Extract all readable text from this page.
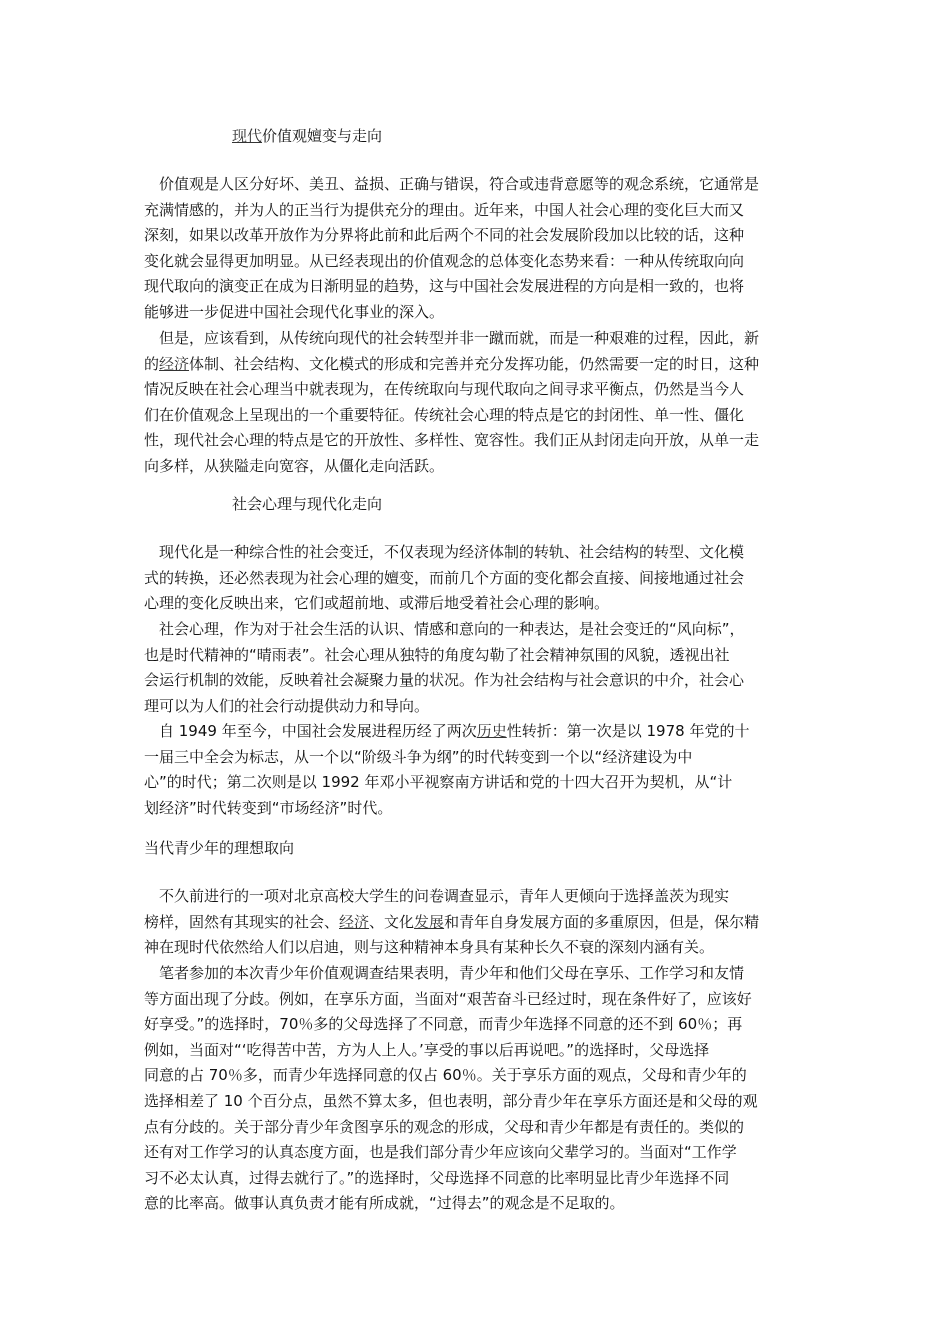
现代价值观嬗变与走向
　价值观是人区分好坏、美丑、益损、正确与错误，符合或违背意愿等的观念系统，它通常是
充满情感的，并为人的正当行为提供充分的理由。近年来，中国人社会心理的变化巨大而又
深刻，如果以改革开放作为分界将此前和此后两个不同的社会发展阶段加以比较的话，这种
变化就会显得更加明显。从已经表现出的价值观念的总体变化态势来看：一种从传统取向向
现代取向的演变正在成为日渐明显的趋势，这与中国社会发展进程的方向是相一致的，也将
能够进一步促进中国社会现代化事业的深入。
　但是，应该看到，从传统向现代的社会转型并非一蹴而就，而是一种艰难的过程，因此，新
的经济体制、社会结构、文化模式的形成和完善并充分发挥功能，仍然需要一定的时日，这种
情况反映在社会心理当中就表现为，在传统取向与现代取向之间寻求平衡点，仍然是当今人
们在价值观念上呈现出的一个重要特征。传统社会心理的特点是它的封闭性、单一性、僵化
性，现代社会心理的特点是它的开放性、多样性、宽容性。我们正从封闭走向开放，从单一走
向多样，从狭隘走向宽容，从僵化走向活跃。
社会心理与现代化走向
　现代化是一种综合性的社会变迁，不仅表现为经济体制的转轨、社会结构的转型、文化模
式的转换，还必然表现为社会心理的嬗变，而前几个方面的变化都会直接、间接地通过社会
心理的变化反映出来，它们或超前地、或滞后地受着社会心理的影响。
　社会心理，作为对于社会生活的认识、情感和意向的一种表达，是社会变迁的“风向标”，
也是时代精神的“晴雨表”。社会心理从独特的角度勾勒了社会精神氛围的风貌，透视出社
会运行机制的效能，反映着社会凝聚力量的状况。作为社会结构与社会意识的中介，社会心
理可以为人们的社会行动提供动力和导向。
　自 1949 年至今，中国社会发展进程历经了两次历史性转折：第一次是以 1978 年党的十
一届三中全会为标志，从一个以“阶级斗争为纲”的时代转变到一个以“经济建设为中
心”的时代；第二次则是以 1992 年邓小平视察南方讲话和党的十四大召开为契机，从“计
划经济”时代转变到“市场经济”时代。
当代青少年的理想取向
　不久前进行的一项对北京高校大学生的问卷调查显示，青年人更倾向于选择盖茨为现实
榜样，固然有其现实的社会、经济、文化发展和青年自身发展方面的多重原因，但是，保尔精
神在现时代依然给人们以启迪，则与这种精神本身具有某种长久不衰的深刻内涵有关。
　笔者参加的本次青少年价值观调查结果表明，青少年和他们父母在享乐、工作学习和友情
等方面出现了分歧。例如，在享乐方面，当面对“艰苦奋斗已经过时，现在条件好了，应该好
好享受。”的选择时，70％多的父母选择了不同意，而青少年选择不同意的还不到 60％；再
例如，当面对“‘吃得苦中苦，方为人上人。’享受的事以后再说吧。”的选择时，父母选择
同意的占 70％多，而青少年选择同意的仅占 60％。关于享乐方面的观点，父母和青少年的
选择相差了 10 个百分点，虽然不算太多，但也表明，部分青少年在享乐方面还是和父母的观
点有分歧的。关于部分青少年贪图享乐的观念的形成，父母和青少年都是有责任的。类似的
还有对工作学习的认真态度方面，也是我们部分青少年应该向父辈学习的。当面对“工作学
习不必太认真，过得去就行了。”的选择时，父母选择不同意的比率明显比青少年选择不同
意的比率高。做事认真负责才能有所成就，“过得去”的观念是不足取的。
